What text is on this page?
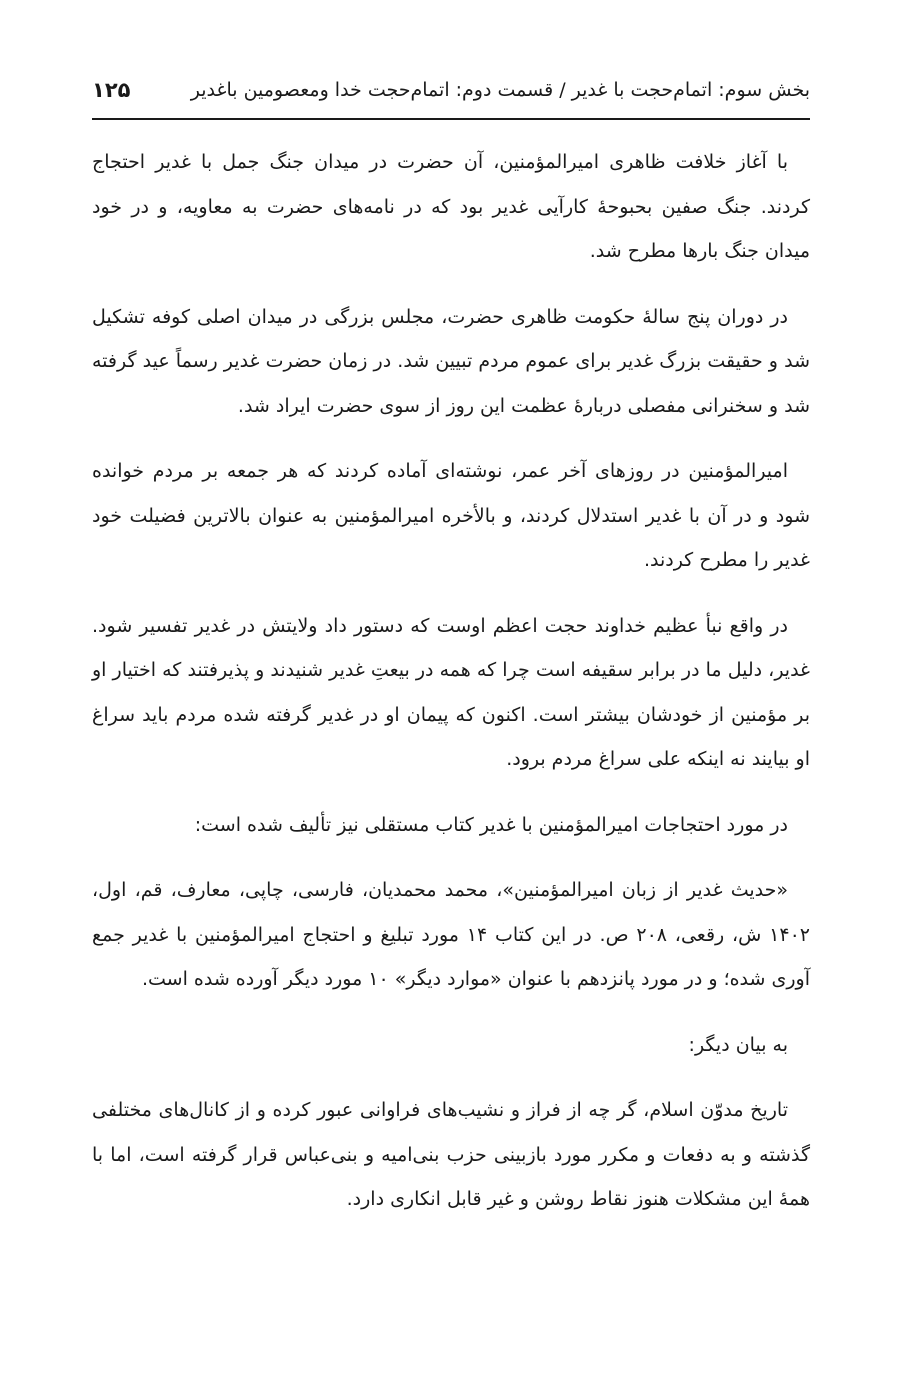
بخش سوم: اتمام‌حجت با غدیر / قسمت دوم: اتمام‌حجت خدا ومعصومین باغدیر
۱۲۵

با آغاز خلافت ظاهری امیرالمؤمنین، آن حضرت در میدان جنگ جمل با غدیر احتجاج کردند. جنگ صفین بحبوحهٔ کارآیی غدیر بود که در نامه‌های حضرت به معاویه، و در خود میدان جنگ بارها مطرح شد.

در دوران پنج سالهٔ حکومت ظاهری حضرت، مجلس بزرگی در میدان اصلی کوفه تشکیل شد و حقیقت بزرگ غدیر برای عموم مردم تبیین شد. در زمان حضرت غدیر رسماً عید گرفته شد و سخنرانی مفصلی دربارهٔ عظمت این روز از سوی حضرت ایراد شد.

امیرالمؤمنین در روزهای آخر عمر، نوشته‌ای آماده کردند که هر جمعه بر مردم خوانده شود و در آن با غدیر استدلال کردند، و بالأخره امیرالمؤمنین به عنوان بالاترین فضیلت خود غدیر را مطرح کردند.

در واقع نبأ عظیم خداوند حجت اعظم اوست که دستور داد ولایتش در غدیر تفسیر شود. غدیر، دلیل ما در برابر سقیفه است چرا که همه در بیعتِ غدیر شنیدند و پذیرفتند که اختیار او بر مؤمنین از خودشان بیشتر است. اکنون که پیمان او در غدیر گرفته شده مردم باید سراغ او بیایند نه اینکه علی سراغ مردم برود.

در مورد احتجاجات امیرالمؤمنین با غدیر کتاب مستقلی نیز تألیف شده است:

«حدیث غدیر از زبان امیرالمؤمنین»، محمد محمدیان، فارسی، چاپی، معارف، قم، اول، ۱۴۰۲ ش، رقعی، ۲۰۸ ص. در این کتاب ۱۴ مورد تبلیغ و احتجاج امیرالمؤمنین با غدیر جمع آوری شده؛ و در مورد پانزدهم با عنوان «موارد دیگر» ۱۰ مورد دیگر آورده شده است.

به بیان دیگر:

تاریخ مدوّن اسلام، گر چه از فراز و نشیب‌های فراوانی عبور کرده و از کانال‌های مختلفی گذشته و به دفعات و مکرر مورد بازبینی حزب بنی‌امیه و بنی‌عباس قرار گرفته است، اما با همهٔ این مشکلات هنوز نقاط روشن و غیر قابل انکاری دارد.
